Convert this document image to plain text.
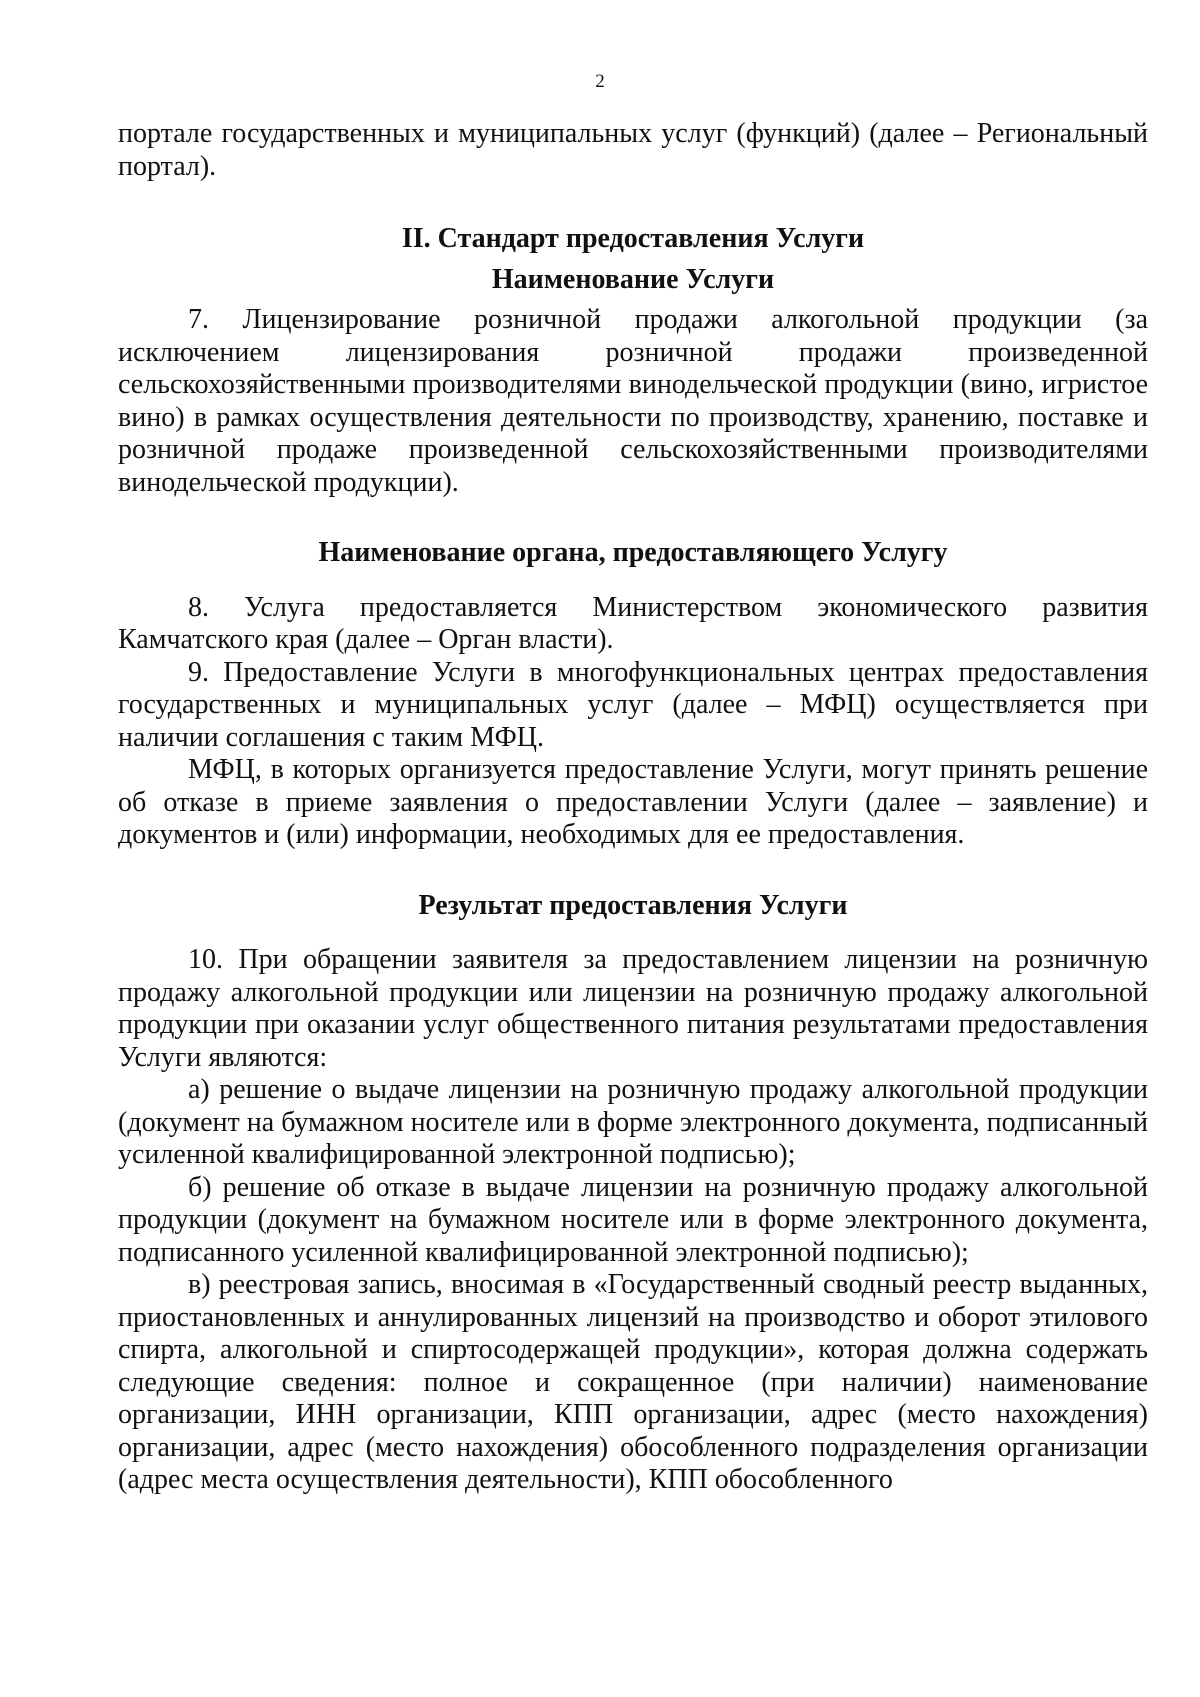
2

портале государственных и муниципальных услуг (функций) (далее – Региональный портал).

II. Стандарт предоставления Услуги
Наименование Услуги

7. Лицензирование розничной продажи алкогольной продукции (за исключением лицензирования розничной продажи произведенной сельскохозяйственными производителями винодельческой продукции (вино, игристое вино) в рамках осуществления деятельности по производству, хранению, поставке и розничной продаже произведенной сельскохозяйственными производителями винодельческой продукции).

Наименование органа, предоставляющего Услугу

8. Услуга предоставляется Министерством экономического развития Камчатского края (далее – Орган власти).

9. Предоставление Услуги в многофункциональных центрах предоставления государственных и муниципальных услуг (далее – МФЦ) осуществляется при наличии соглашения с таким МФЦ.

МФЦ, в которых организуется предоставление Услуги, могут принять решение об отказе в приеме заявления о предоставлении Услуги (далее – заявление) и документов и (или) информации, необходимых для ее предоставления.

Результат предоставления Услуги

10. При обращении заявителя за предоставлением лицензии на розничную продажу алкогольной продукции или лицензии на розничную продажу алкогольной продукции при оказании услуг общественного питания результатами предоставления Услуги являются:

а) решение о выдаче лицензии на розничную продажу алкогольной продукции (документ на бумажном носителе или в форме электронного документа, подписанный усиленной квалифицированной электронной подписью);

б) решение об отказе в выдаче лицензии на розничную продажу алкогольной продукции (документ на бумажном носителе или в форме электронного документа, подписанного усиленной квалифицированной электронной подписью);

в) реестровая запись, вносимая в «Государственный сводный реестр выданных, приостановленных и аннулированных лицензий на производство и оборот этилового спирта, алкогольной и спиртосодержащей продукции», которая должна содержать следующие сведения: полное и сокращенное (при наличии) наименование организации, ИНН организации, КПП организации, адрес (место нахождения) организации, адрес (место нахождения) обособленного подразделения организации (адрес места осуществления деятельности), КПП обособленного
